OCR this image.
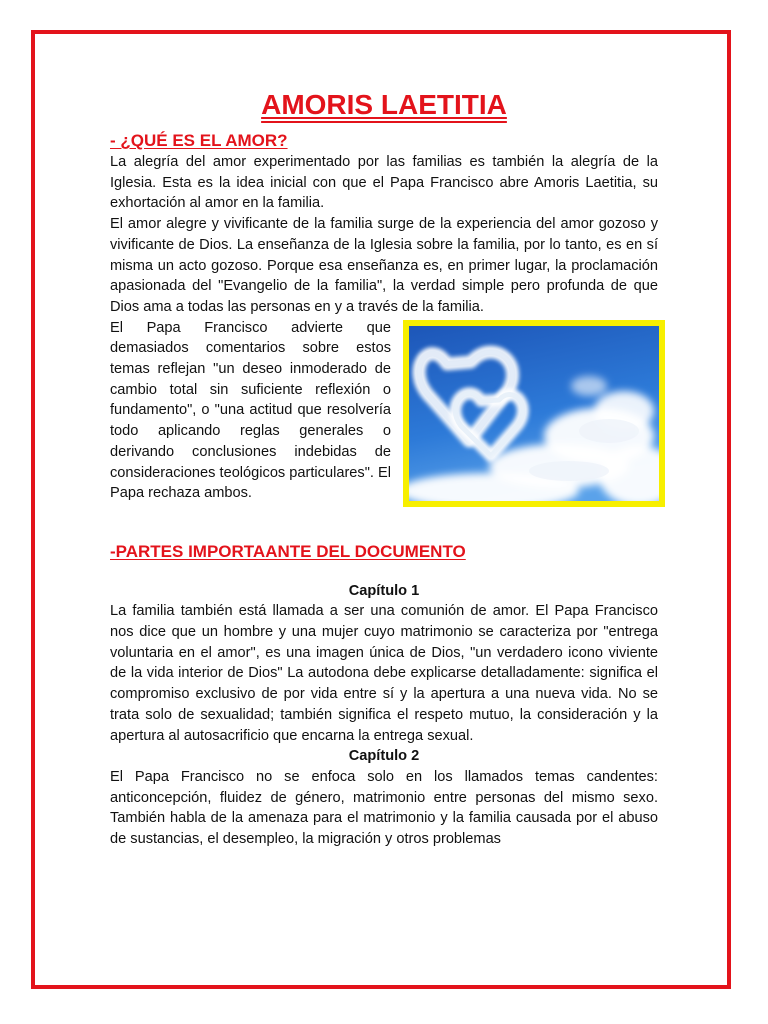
AMORIS LAETITIA
- ¿QUÉ ES EL AMOR?

La alegría del amor experimentado por las familias es también la alegría de la Iglesia. Esta es la idea inicial con que el Papa Francisco abre Amoris Laetitia, su exhortación al amor en la familia.

El amor alegre y vivificante de la familia surge de la experiencia del amor gozoso y vivificante de Dios. La enseñanza de la Iglesia sobre la familia, por lo tanto, es en sí misma un acto gozoso. Porque esa enseñanza es, en primer lugar, la proclamación apasionada del "Evangelio de la familia", la verdad simple pero profunda de que Dios ama a todas las personas en y a través de la familia.

El Papa Francisco advierte que demasiados comentarios sobre estos temas reflejan "un deseo inmoderado de cambio total sin suficiente reflexión o fundamento", o "una actitud que resolvería todo aplicando reglas generales o derivando conclusiones indebidas de consideraciones teológicos particulares". El Papa rechaza ambos.

-PARTES IMPORTAANTE DEL DOCUMENTO

Capítulo 1

La familia también está llamada a ser una comunión de amor. El Papa Francisco nos dice que un hombre y una mujer cuyo matrimonio se caracteriza por "entrega voluntaria en el amor", es una imagen única de Dios, "un verdadero icono viviente de la vida interior de Dios" La autodona debe explicarse detalladamente: significa el compromiso exclusivo de por vida entre sí y la apertura a una nueva vida. No se trata solo de sexualidad; también significa el respeto mutuo, la consideración y la apertura al autosacrificio que encarna la entrega sexual.

Capítulo 2

El Papa Francisco no se enfoca solo en los llamados temas candentes: anticoncepción, fluidez de género, matrimonio entre personas del mismo sexo. También habla de la amenaza para el matrimonio y la familia causada por el abuso de sustancias, el desempleo, la migración y otros problemas
